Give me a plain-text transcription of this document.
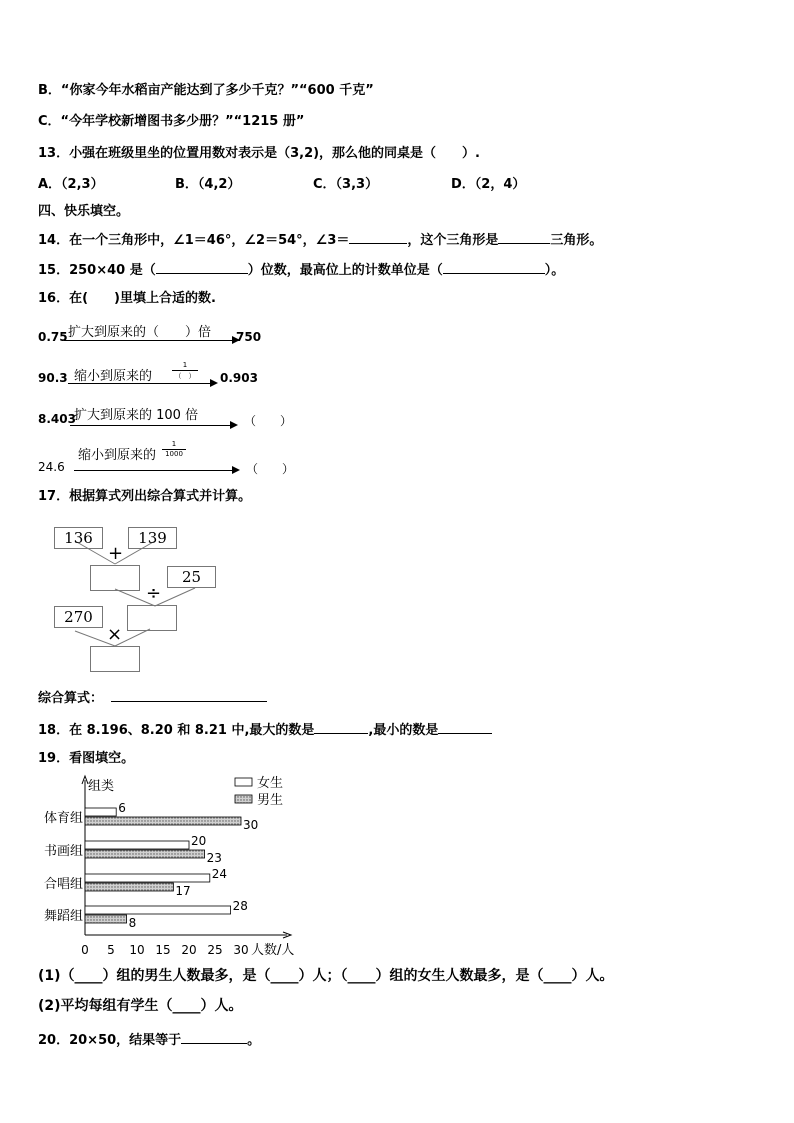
B．“你家今年水稻亩产能达到了多少千克？”“600 千克”
C．“今年学校新增图书多少册？”“1215 册”
13．小强在班级里坐的位置用数对表示是（3,2)，那么他的同桌是（　　）.
A．（2,3）	B．（4,2）	C．（3,3）	D．（2，4）
四、快乐填空。
14．在一个三角形中，∠1＝46°，∠2＝54°，∠3＝	，这个三角形是	三角形。
15．250×40 是（	）位数，最高位上的计数单位是（	）。
16．在(　　)里填上合适的数.
0.75 扩大到原来的（　　）倍 750
90.3 缩小到原来的
1
（　） 0.903
8.403
扩大到原来的 100 倍	（　　）
24.6
缩小到原来的
1
1000
（　　）
17．根据算式列出综合算式并计算。
136	139
+
25
÷
270
×
综合算式：
18．在 8.196、8.20 和 8.21 中,最大的数是	,最小的数是
19．看图填空。
组类
人数/人
0 5 10 15 20 25 30
女生
男生
体育组
6
30
书画组
20
23
合唱组
24
17
舞蹈组
28
8
(1)（____）组的男生人数最多，是（____）人；（____）组的女生人数最多，是（____）人。
(2)平均每组有学生（____）人。
20．20×50，结果等于	。
